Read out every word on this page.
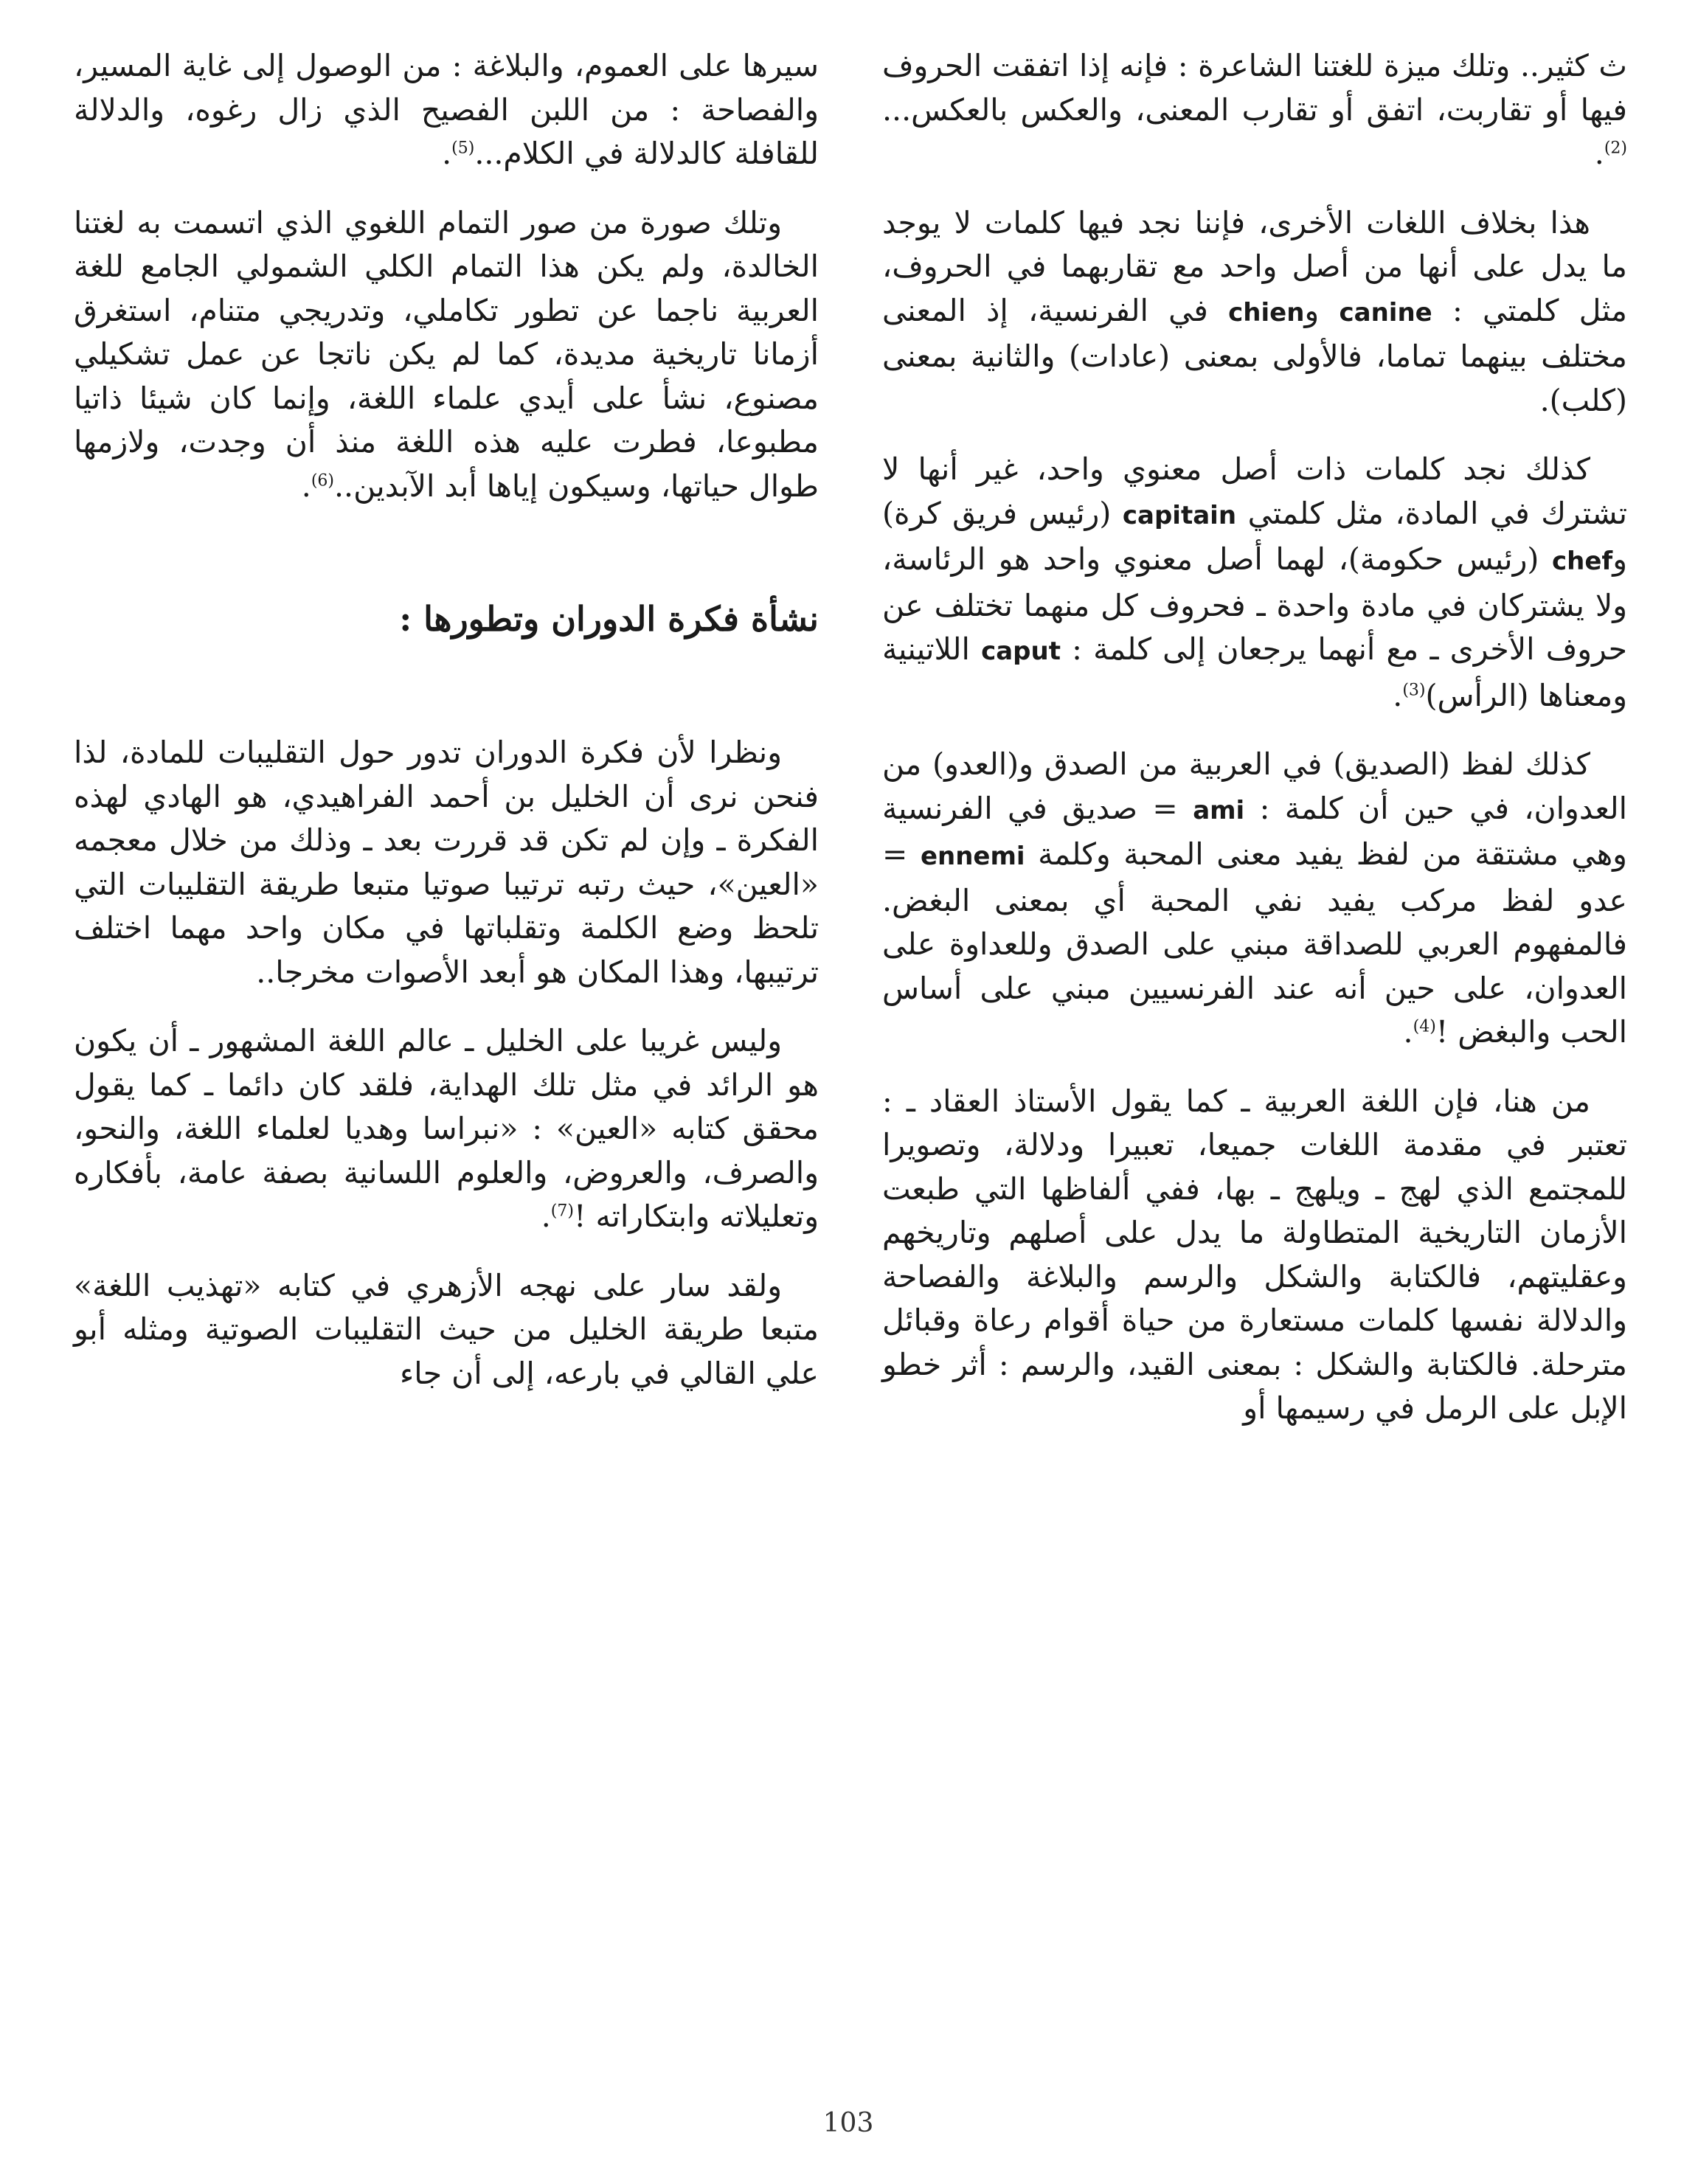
ث كثير.. وتلك ميزة للغتنا الشاعرة : فإنه إذا اتفقت الحروف فيها أو تقاربت، اتفق أو تقارب المعنى، والعكس بالعكس...$^{(2)}$.

هذا بخلاف اللغات الأخرى، فإننا نجد فيها كلمات لا يوجد ما يدل على أنها من أصل واحد مع تقاربهما في الحروف، مثل كلمتي : canine وchien في الفرنسية، إذ المعنى مختلف بينهما تماما، فالأولى بمعنى (عادات) والثانية بمعنى (كلب).

كذلك نجد كلمات ذات أصل معنوي واحد، غير أنها لا تشترك في المادة، مثل كلمتي capitain (رئيس فريق كرة) وchef (رئيس حكومة)، لهما أصل معنوي واحد هو الرئاسة، ولا يشتركان في مادة واحدة ـ فحروف كل منهما تختلف عن حروف الأخرى ـ مع أنهما يرجعان إلى كلمة : caput اللاتينية ومعناها (الرأس)$^{(3)}$.

كذلك لفظ (الصديق) في العربية من الصدق و(العدو) من العدوان، في حين أن كلمة : ami = صديق في الفرنسية وهي مشتقة من لفظ يفيد معنى المحبة وكلمة ennemi = عدو لفظ مركب يفيد نفي المحبة أي بمعنى البغض. فالمفهوم العربي للصداقة مبني على الصدق وللعداوة على العدوان، على حين أنه عند الفرنسيين مبني على أساس الحب والبغض !$^{(4)}$.

من هنا، فإن اللغة العربية ـ كما يقول الأستاذ العقاد ـ : تعتبر في مقدمة اللغات جميعا، تعبيرا ودلالة، وتصويرا للمجتمع الذي لهج ـ ويلهج ـ بها، ففي ألفاظها التي طبعت الأزمان التاريخية المتطاولة ما يدل على أصلهم وتاريخهم وعقليتهم، فالكتابة والشكل والرسم والبلاغة والفصاحة والدلالة نفسها كلمات مستعارة من حياة أقوام رعاة وقبائل مترحلة. فالكتابة والشكل : بمعنى القيد، والرسم : أثر خطو الإبل على الرمل في رسيمها أو

سيرها على العموم، والبلاغة : من الوصول إلى غاية المسير، والفصاحة : من اللبن الفصيح الذي زال رغوه، والدلالة للقافلة كالدلالة في الكلام...$^{(5)}$.

وتلك صورة من صور التمام اللغوي الذي اتسمت به لغتنا الخالدة، ولم يكن هذا التمام الكلي الشمولي الجامع للغة العربية ناجما عن تطور تكاملي، وتدريجي متنام، استغرق أزمانا تاريخية مديدة، كما لم يكن ناتجا عن عمل تشكيلي مصنوع، نشأ على أيدي علماء اللغة، وإنما كان شيئا ذاتيا مطبوعا، فطرت عليه هذه اللغة منذ أن وجدت، ولازمها طوال حياتها، وسيكون إياها أبد الآبدين..$^{(6)}$.

نشأة فكرة الدوران وتطورها :

ونظرا لأن فكرة الدوران تدور حول التقليبات للمادة، لذا فنحن نرى أن الخليل بن أحمد الفراهيدي، هو الهادي لهذه الفكرة ـ وإن لم تكن قد قررت بعد ـ وذلك من خلال معجمه «العين»، حيث رتبه ترتيبا صوتيا متبعا طريقة التقليبات التي تلحظ وضع الكلمة وتقلباتها في مكان واحد مهما اختلف ترتيبها، وهذا المكان هو أبعد الأصوات مخرجا..

وليس غريبا على الخليل ـ عالم اللغة المشهور ـ أن يكون هو الرائد في مثل تلك الهداية، فلقد كان دائما ـ كما يقول محقق كتابه «العين» : «نبراسا وهديا لعلماء اللغة، والنحو، والصرف، والعروض، والعلوم اللسانية بصفة عامة، بأفكاره وتعليلاته وابتكاراته !$^{(7)}$.

ولقد سار على نهجه الأزهري في كتابه «تهذيب اللغة» متبعا طريقة الخليل من حيث التقليبات الصوتية ومثله أبو علي القالي في بارعه، إلى أن جاء

103
